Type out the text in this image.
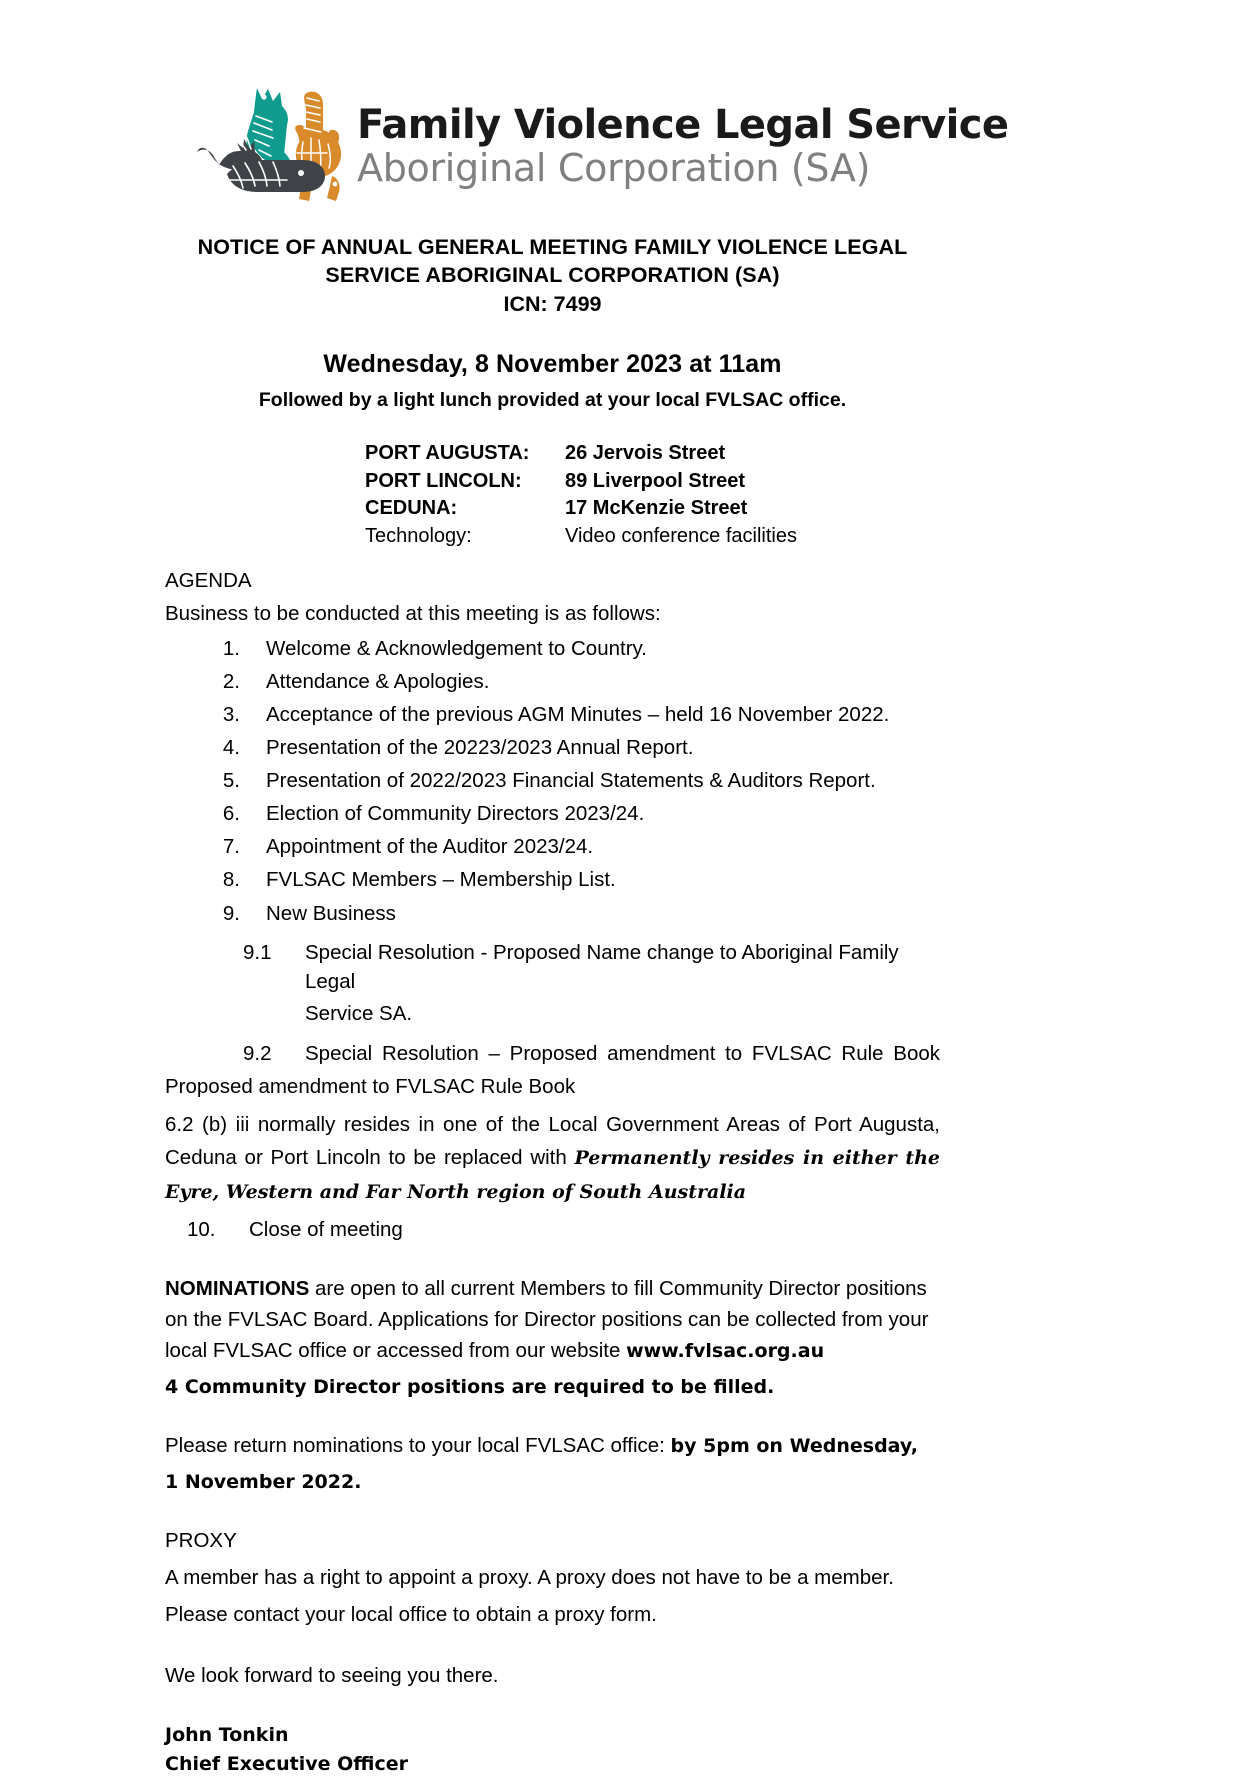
Family Violence Legal Service
Aboriginal Corporation (SA)
NOTICE OF ANNUAL GENERAL MEETING FAMILY VIOLENCE LEGAL
SERVICE ABORIGINAL CORPORATION (SA)
ICN: 7499
Wednesday, 8 November 2023 at 11am
Followed by a light lunch provided at your local FVLSAC office.
PORT AUGUSTA:	26 Jervois Street
PORT LINCOLN:	89 Liverpool Street
CEDUNA:	17 McKenzie Street
Technology:	Video conference facilities
AGENDA
Business to be conducted at this meeting is as follows:
1. Welcome & Acknowledgement to Country.
2. Attendance & Apologies.
3. Acceptance of the previous AGM Minutes – held 16 November 2022.
4. Presentation of the 20223/2023 Annual Report.
5. Presentation of 2022/2023 Financial Statements & Auditors Report.
6. Election of Community Directors 2023/24.
7. Appointment of the Auditor 2023/24.
8. FVLSAC Members – Membership List.
9. New Business
9.1	Special Resolution - Proposed Name change to Aboriginal Family Legal
Service SA.
9.2	Special Resolution – Proposed amendment to FVLSAC Rule Book
Proposed amendment to FVLSAC Rule Book
6.2 (b) iii normally resides in one of the Local Government Areas of Port Augusta, Ceduna or Port Lincoln to be replaced with Permanently resides in either the Eyre, Western and Far North region of South Australia
10.	Close of meeting
NOMINATIONS are open to all current Members to fill Community Director positions on the FVLSAC Board. Applications for Director positions can be collected from your local FVLSAC office or accessed from our website www.fvlsac.org.au
4 Community Director positions are required to be filled.
Please return nominations to your local FVLSAC office: by 5pm on Wednesday,
1 November 2022.
PROXY
A member has a right to appoint a proxy. A proxy does not have to be a member.
Please contact your local office to obtain a proxy form.
We look forward to seeing you there.
John Tonkin
Chief Executive Officer
